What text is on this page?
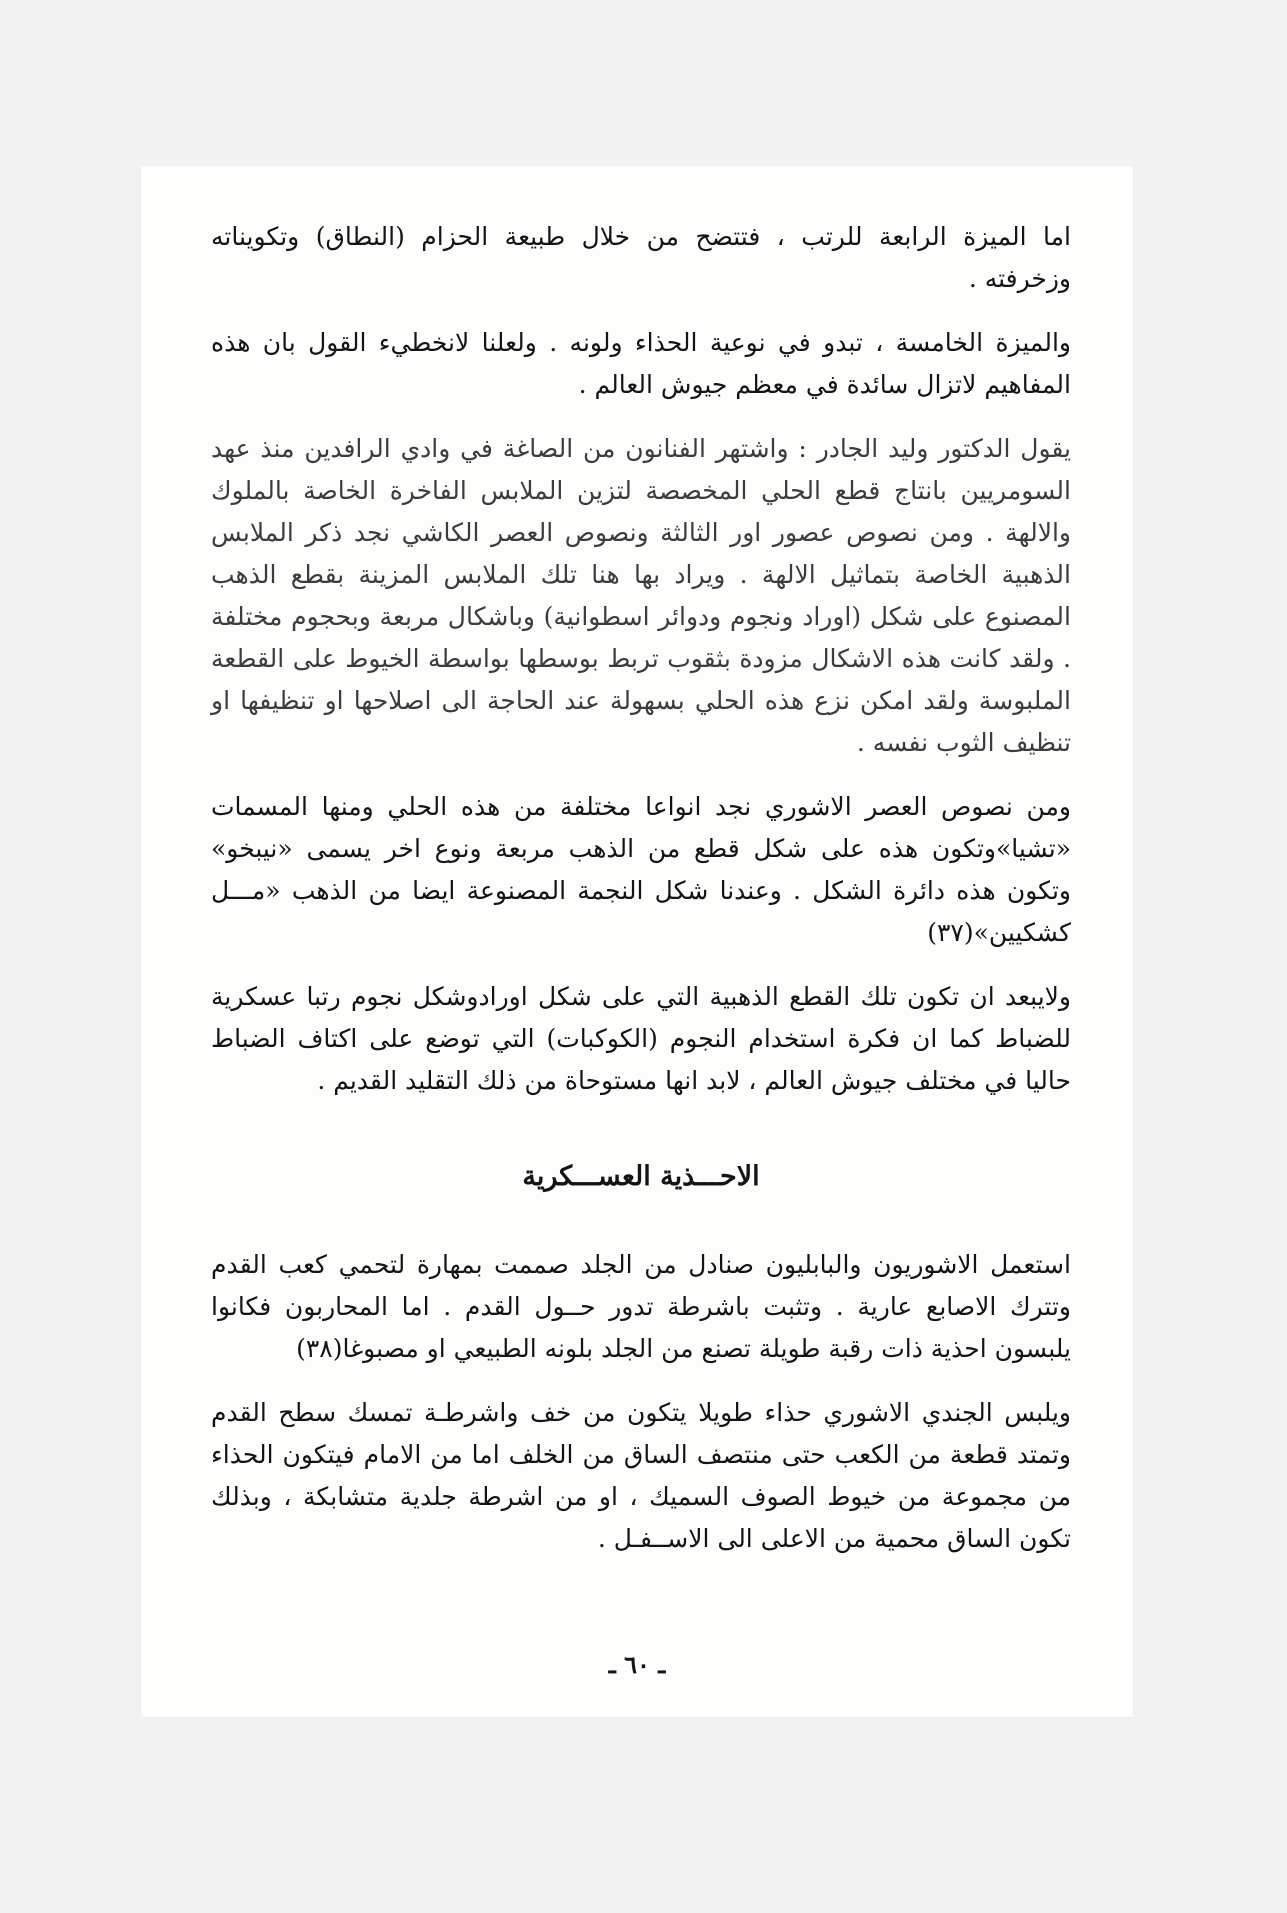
اما الميزة الرابعة للرتب ، فتتضح من خلال طبيعة الحزام (النطاق) وتكويناته وزخرفته .

والميزة الخامسة ، تبدو في نوعية الحذاء ولونه . ولعلنا لانخطيء القول بان هذه المفاهيم لاتزال سائدة في معظم جيوش العالم .

يقول الدكتور وليد الجادر : واشتهر الفنانون من الصاغة في وادي الرافدين منذ عهد السومريين بانتاج قطع الحلي المخصصة لتزين الملابس الفاخرة الخاصة بالملوك والالهة . ومن نصوص عصور اور الثالثة ونصوص العصر الكاشي نجد ذكر الملابس الذهبية الخاصة بتماثيل الالهة . ويراد بها هنا تلك الملابس المزينة بقطع الذهب المصنوع على شكل (اوراد ونجوم ودوائر اسطوانية) وباشكال مربعة وبحجوم مختلفة . ولقد كانت هذه الاشكال مزودة بثقوب تربط بوسطها بواسطة الخيوط على القطعة الملبوسة ولقد امكن نزع هذه الحلي بسهولة عند الحاجة الى اصلاحها او تنظيفها او تنظيف الثوب نفسه .

ومن نصوص العصر الاشوري نجد انواعا مختلفة من هذه الحلي ومنها المسمات «تشيا»وتكون هذه على شكل قطع من الذهب مربعة ونوع اخر يسمى «نيبخو» وتكون هذه دائرة الشكل . وعندنا شكل النجمة المصنوعة ايضا من الذهب «مـــل كشكيين»(٣٧)

ولايبعد ان تكون تلك القطع الذهبية التي على شكل اورادوشكل نجوم رتبا عسكرية للضباط كما ان فكرة استخدام النجوم (الكوكبات) التي توضع على اكتاف الضباط حاليا في مختلف جيوش العالم ، لابد انها مستوحاة من ذلك التقليد القديم .

الاحـــذية العســـكرية

استعمل الاشوريون والبابليون صنادل من الجلد صممت بمهارة لتحمي كعب القدم وتترك الاصابع عارية . وتثبت باشرطة تدور حــول القدم . اما المحاربون فكانوا يلبسون احذية ذات رقبة طويلة تصنع من الجلد بلونه الطبيعي او مصبوغا(٣٨)

ويلبس الجندي الاشوري حذاء طويلا يتكون من خف واشرطـة تمسك سطح القدم وتمتد قطعة من الكعب حتى منتصف الساق من الخلف اما من الامام فيتكون الحذاء من مجموعة من خيوط الصوف السميك ، او من اشرطة جلدية متشابكة ، وبذلك تكون الساق محمية من الاعلى الى الاســفـل .

ـ ٦٠ ـ
